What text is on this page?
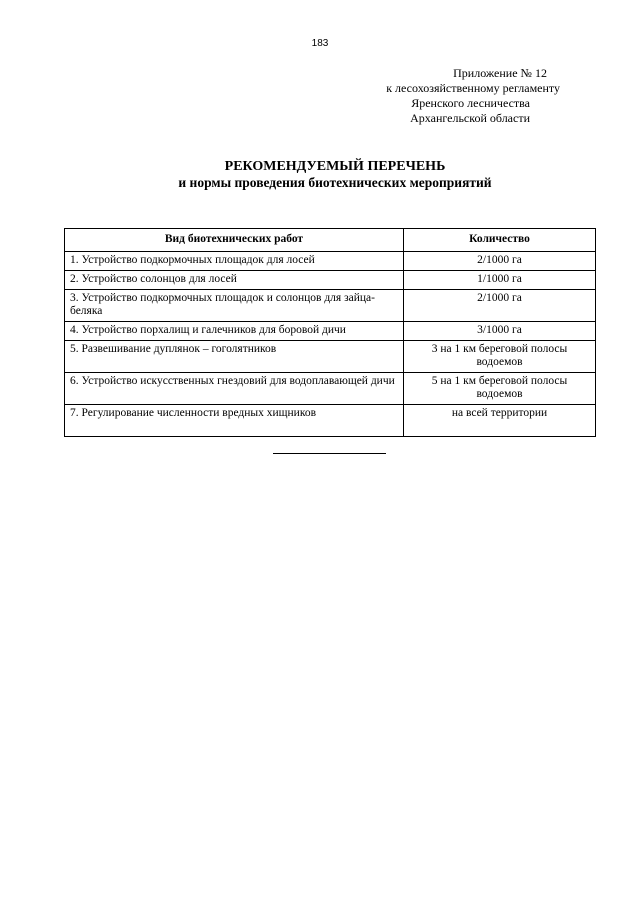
183
Приложение № 12
к лесохозяйственному регламенту
Яренского лесничества
Архангельской области
РЕКОМЕНДУЕМЫЙ ПЕРЕЧЕНЬ
и нормы проведения биотехнических мероприятий
Вид биотехнических работ	Количество
1. Устройство подкормочных площадок для лосей	2/1000 га
2. Устройство солонцов для лосей	1/1000 га
3. Устройство подкормочных площадок и солонцов для зайца-беляка	2/1000 га
4. Устройство порхалищ и галечников для боровой дичи	3/1000 га
5. Развешивание дуплянок – гоголятников	3 на 1 км береговой полосы водоемов
6. Устройство искусственных гнездовий для водоплавающей дичи	5 на 1 км береговой полосы водоемов
7. Регулирование численности вредных хищников	на всей территории
